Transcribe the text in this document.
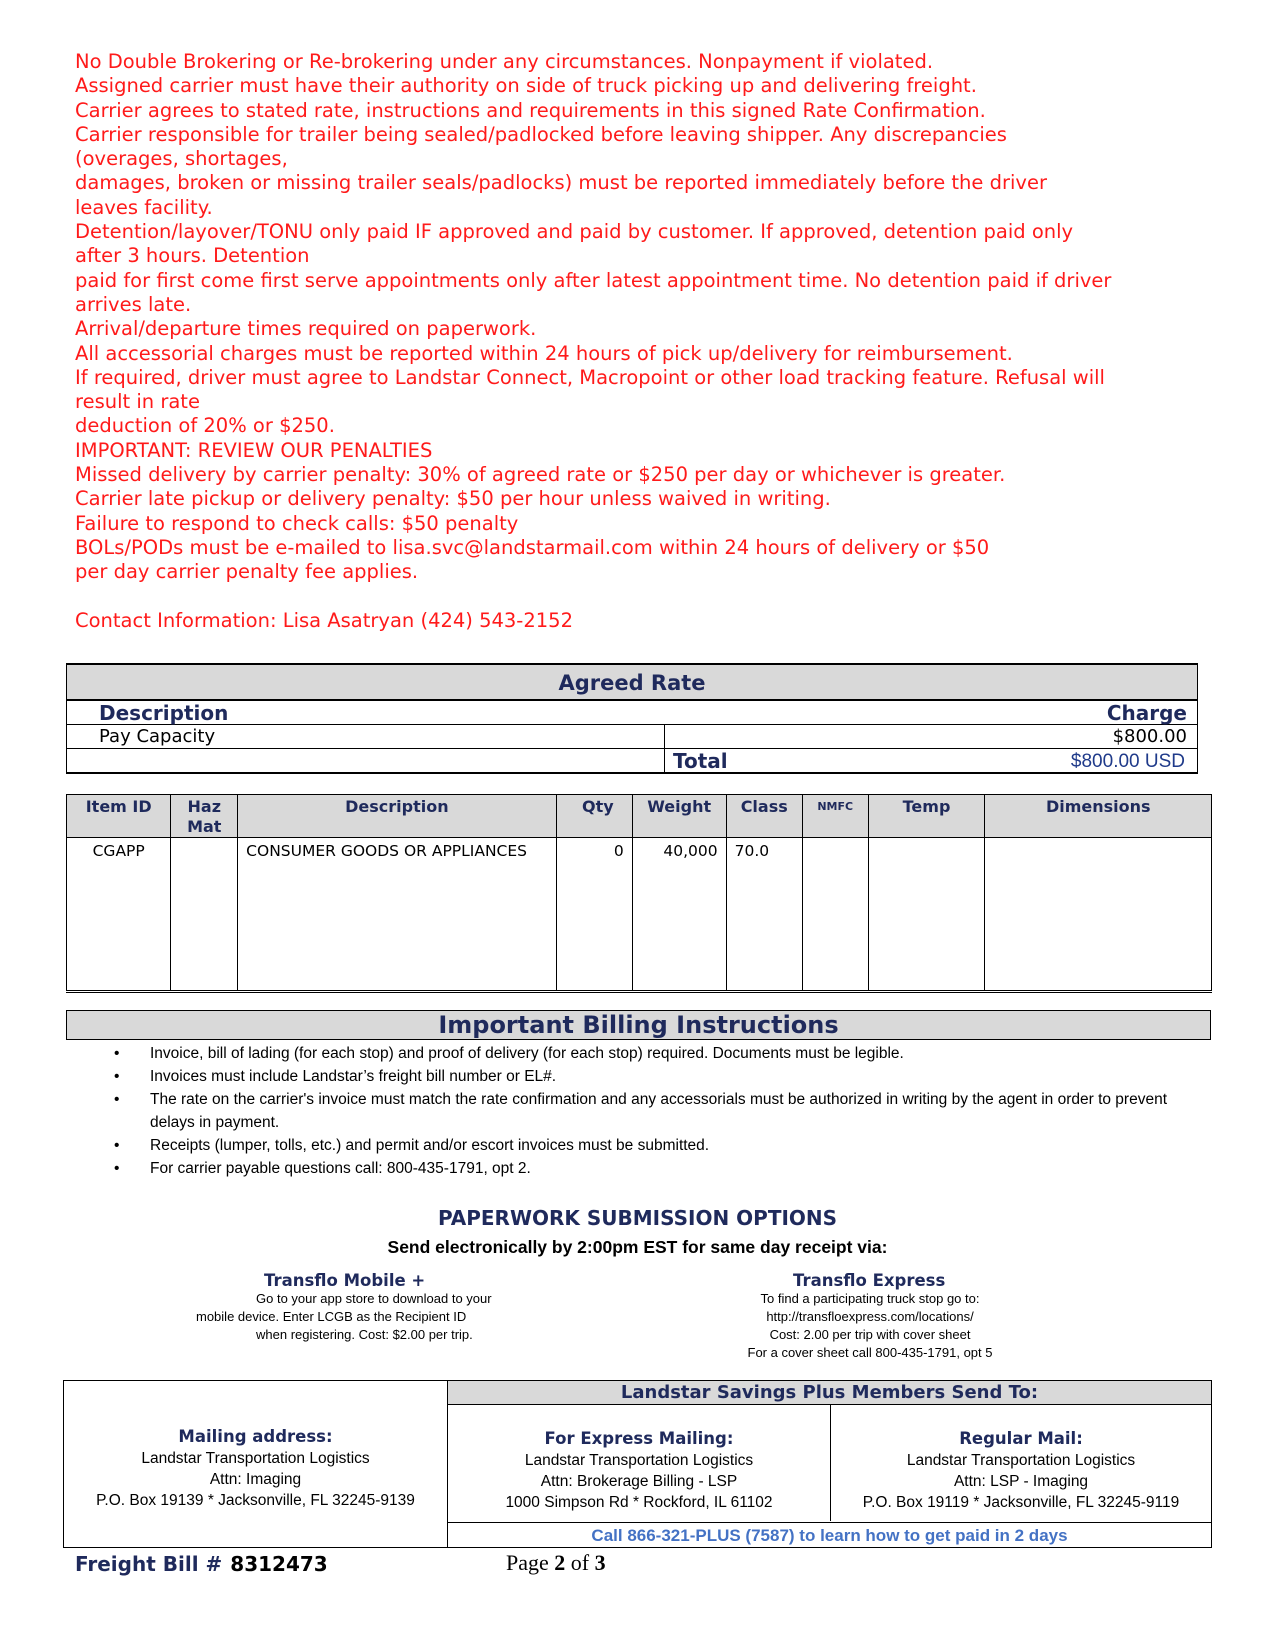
No Double Brokering or Re-brokering under any circumstances. Nonpayment if violated.
Assigned carrier must have their authority on side of truck picking up and delivering freight.
Carrier agrees to stated rate, instructions and requirements in this signed Rate Confirmation.
Carrier responsible for trailer being sealed/padlocked before leaving shipper. Any discrepancies
(overages, shortages,
damages, broken or missing trailer seals/padlocks) must be reported immediately before the driver
leaves facility.
Detention/layover/TONU only paid IF approved and paid by customer. If approved, detention paid only
after 3 hours. Detention
paid for first come first serve appointments only after latest appointment time. No detention paid if driver
arrives late.
Arrival/departure times required on paperwork.
All accessorial charges must be reported within 24 hours of pick up/delivery for reimbursement.
If required, driver must agree to Landstar Connect, Macropoint or other load tracking feature. Refusal will
result in rate
deduction of 20% or $250.
IMPORTANT: REVIEW OUR PENALTIES
Missed delivery by carrier penalty: 30% of agreed rate or $250 per day or whichever is greater.
Carrier late pickup or delivery penalty: $50 per hour unless waived in writing.
Failure to respond to check calls: $50 penalty
BOLs/PODs must be e-mailed to lisa.svc@landstarmail.com within 24 hours of delivery or $50
per day carrier penalty fee applies.
Contact Information: Lisa Asatryan (424) 543-2152
Agreed Rate
Description	Charge
Pay Capacity	$800.00
Total	$800.00 USD
Item ID	Haz Mat	Description	Qty	Weight	Class	NMFC	Temp	Dimensions
CGAPP		CONSUMER GOODS OR APPLIANCES	0	40,000	70.0			
Important Billing Instructions
• Invoice, bill of lading (for each stop) and proof of delivery (for each stop) required. Documents must be legible.
• Invoices must include Landstar’s freight bill number or EL#.
• The rate on the carrier's invoice must match the rate confirmation and any accessorials must be authorized in writing by the agent in order to prevent delays in payment.
• Receipts (lumper, tolls, etc.) and permit and/or escort invoices must be submitted.
• For carrier payable questions call: 800-435-1791, opt 2.
PAPERWORK SUBMISSION OPTIONS
Send electronically by 2:00pm EST for same day receipt via:
Transflo Mobile +
Go to your app store to download to your
mobile device. Enter LCGB as the Recipient ID
when registering. Cost: $2.00 per trip.
Transflo Express
To find a participating truck stop go to:
http://transfloexpress.com/locations/
Cost: 2.00 per trip with cover sheet
For a cover sheet call 800-435-1791, opt 5
Mailing address:
Landstar Transportation Logistics
Attn: Imaging
P.O. Box 19139 * Jacksonville, FL 32245-9139
Landstar Savings Plus Members Send To:
For Express Mailing:
Landstar Transportation Logistics
Attn: Brokerage Billing - LSP
1000 Simpson Rd * Rockford, IL 61102
Regular Mail:
Landstar Transportation Logistics
Attn: LSP - Imaging
P.O. Box 19119 * Jacksonville, FL 32245-9119
Call 866-321-PLUS (7587) to learn how to get paid in 2 days
Freight Bill # 8312473	Page 2 of 3
